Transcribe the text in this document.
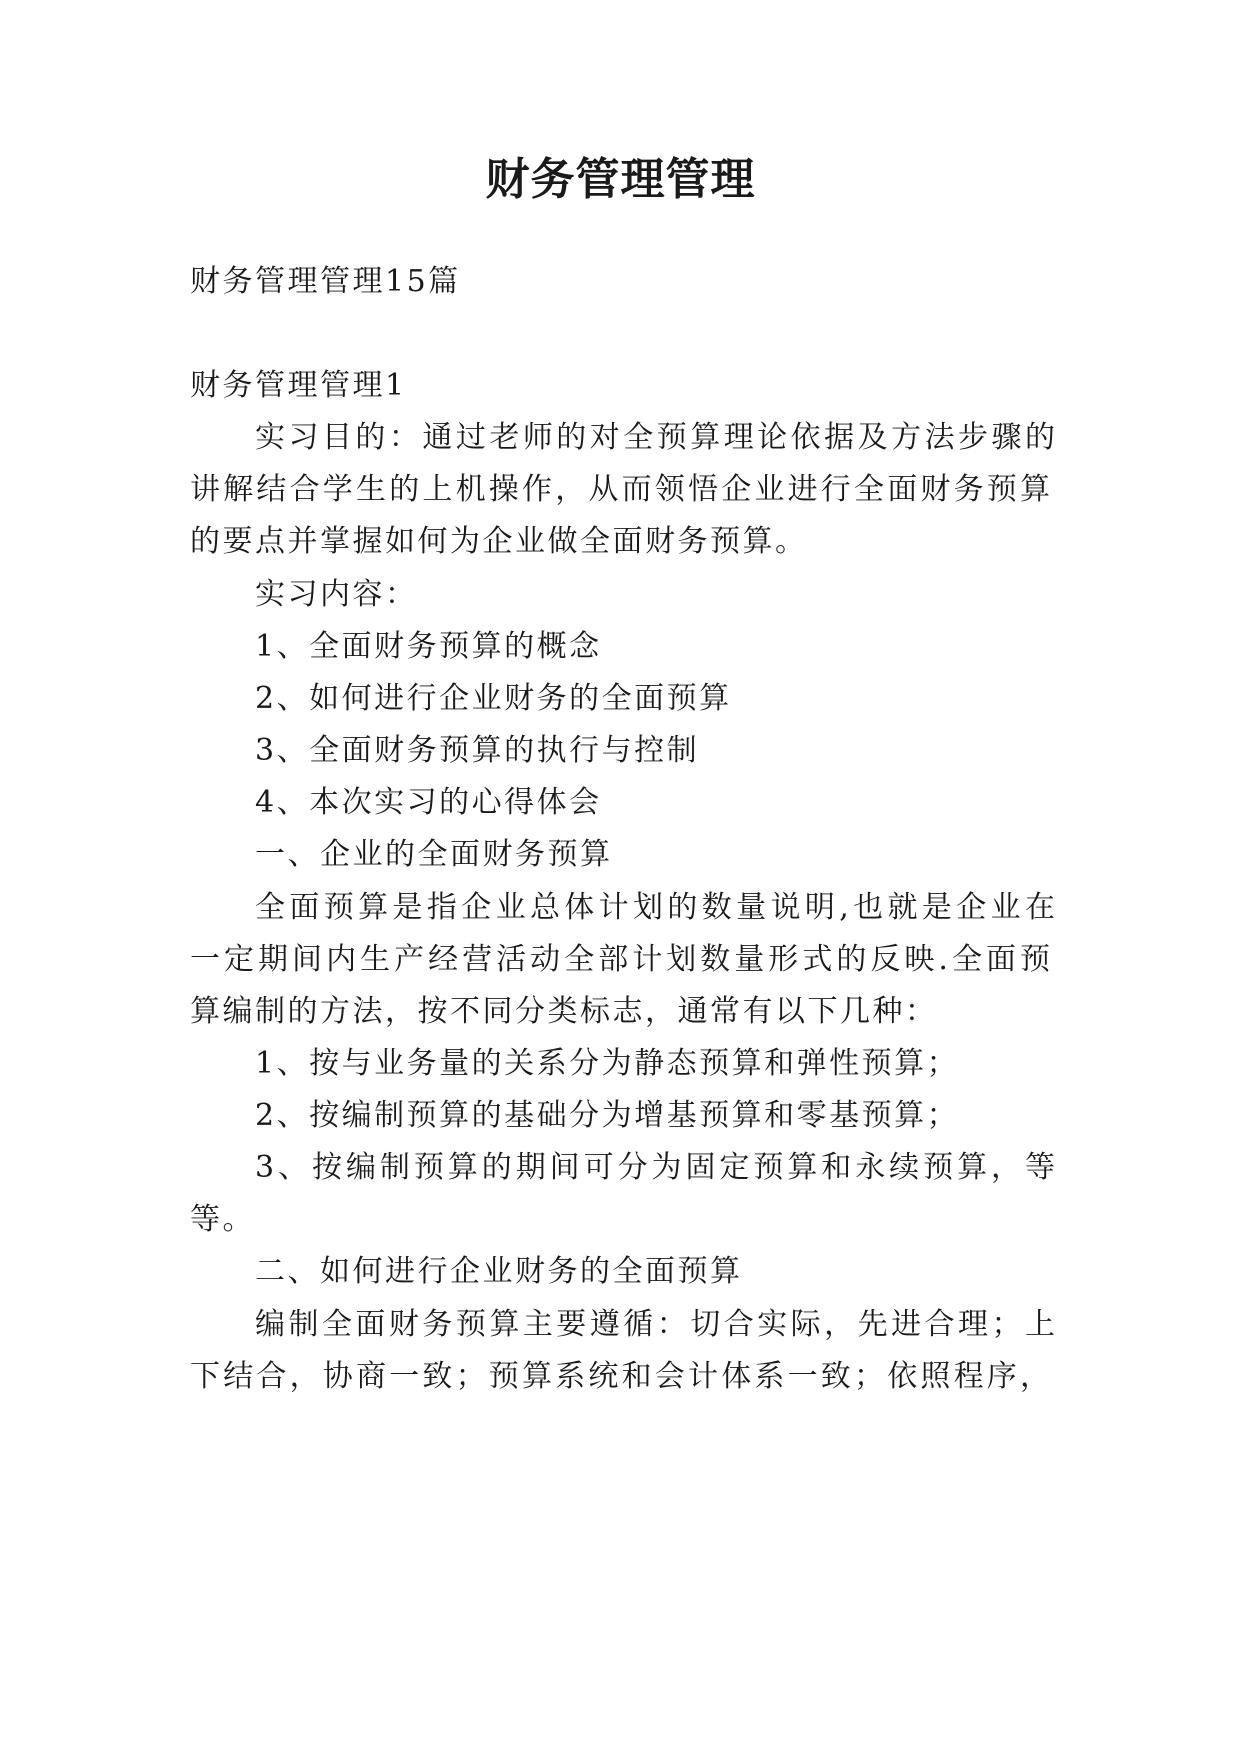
财务管理管理
财务管理管理15篇
财务管理管理1
实习目的：通过老师的对全预算理论依据及方法步骤的
讲解结合学生的上机操作，从而领悟企业进行全面财务预算
的要点并掌握如何为企业做全面财务预算。
实习内容：
1、全面财务预算的概念
2、如何进行企业财务的全面预算
3、全面财务预算的执行与控制
4、本次实习的心得体会
一、企业的全面财务预算
全面预算是指企业总体计划的数量说明,也就是企业在
一定期间内生产经营活动全部计划数量形式的反映.全面预
算编制的方法，按不同分类标志，通常有以下几种：
1、按与业务量的关系分为静态预算和弹性预算；
2、按编制预算的基础分为增基预算和零基预算；
3、按编制预算的期间可分为固定预算和永续预算，等
等。
二、如何进行企业财务的全面预算
编制全面财务预算主要遵循：切合实际，先进合理；上
下结合，协商一致；预算系统和会计体系一致；依照程序，
